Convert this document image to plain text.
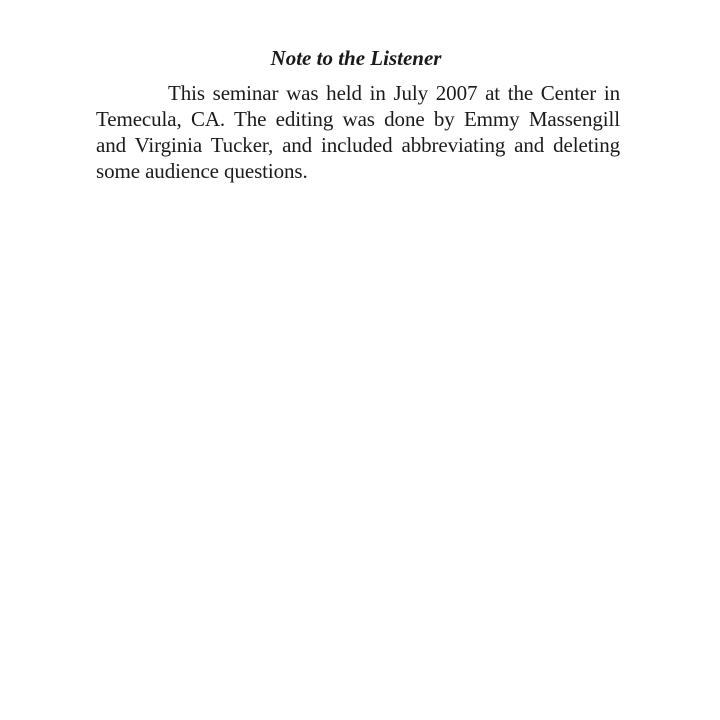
Note to the Listener

This seminar was held in July 2007 at the Center in Temecula, CA. The editing was done by Emmy Massengill and Virginia Tucker, and included abbreviating and deleting some audience questions.
